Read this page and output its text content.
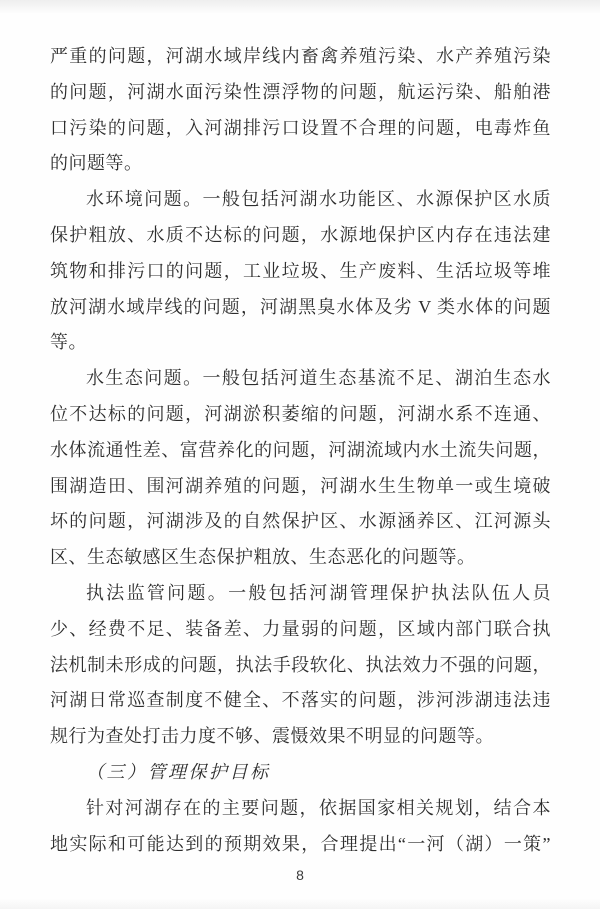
严重的问题，河湖水域岸线内畜禽养殖污染、水产养殖污染
的问题，河湖水面污染性漂浮物的问题，航运污染、船舶港
口污染的问题，入河湖排污口设置不合理的问题，电毒炸鱼
的问题等。
水环境问题。一般包括河湖水功能区、水源保护区水质
保护粗放、水质不达标的问题，水源地保护区内存在违法建
筑物和排污口的问题，工业垃圾、生产废料、生活垃圾等堆
放河湖水域岸线的问题，河湖黑臭水体及劣 V 类水体的问题
等。
水生态问题。一般包括河道生态基流不足、湖泊生态水
位不达标的问题，河湖淤积萎缩的问题，河湖水系不连通、
水体流通性差、富营养化的问题，河湖流域内水土流失问题，
围湖造田、围河湖养殖的问题，河湖水生生物单一或生境破
坏的问题，河湖涉及的自然保护区、水源涵养区、江河源头
区、生态敏感区生态保护粗放、生态恶化的问题等。
执法监管问题。一般包括河湖管理保护执法队伍人员
少、经费不足、装备差、力量弱的问题，区域内部门联合执
法机制未形成的问题，执法手段软化、执法效力不强的问题，
河湖日常巡查制度不健全、不落实的问题，涉河涉湖违法违
规行为查处打击力度不够、震慑效果不明显的问题等。
（三）管理保护目标
针对河湖存在的主要问题，依据国家相关规划，结合本
地实际和可能达到的预期效果，合理提出“一河（湖）一策”
8
